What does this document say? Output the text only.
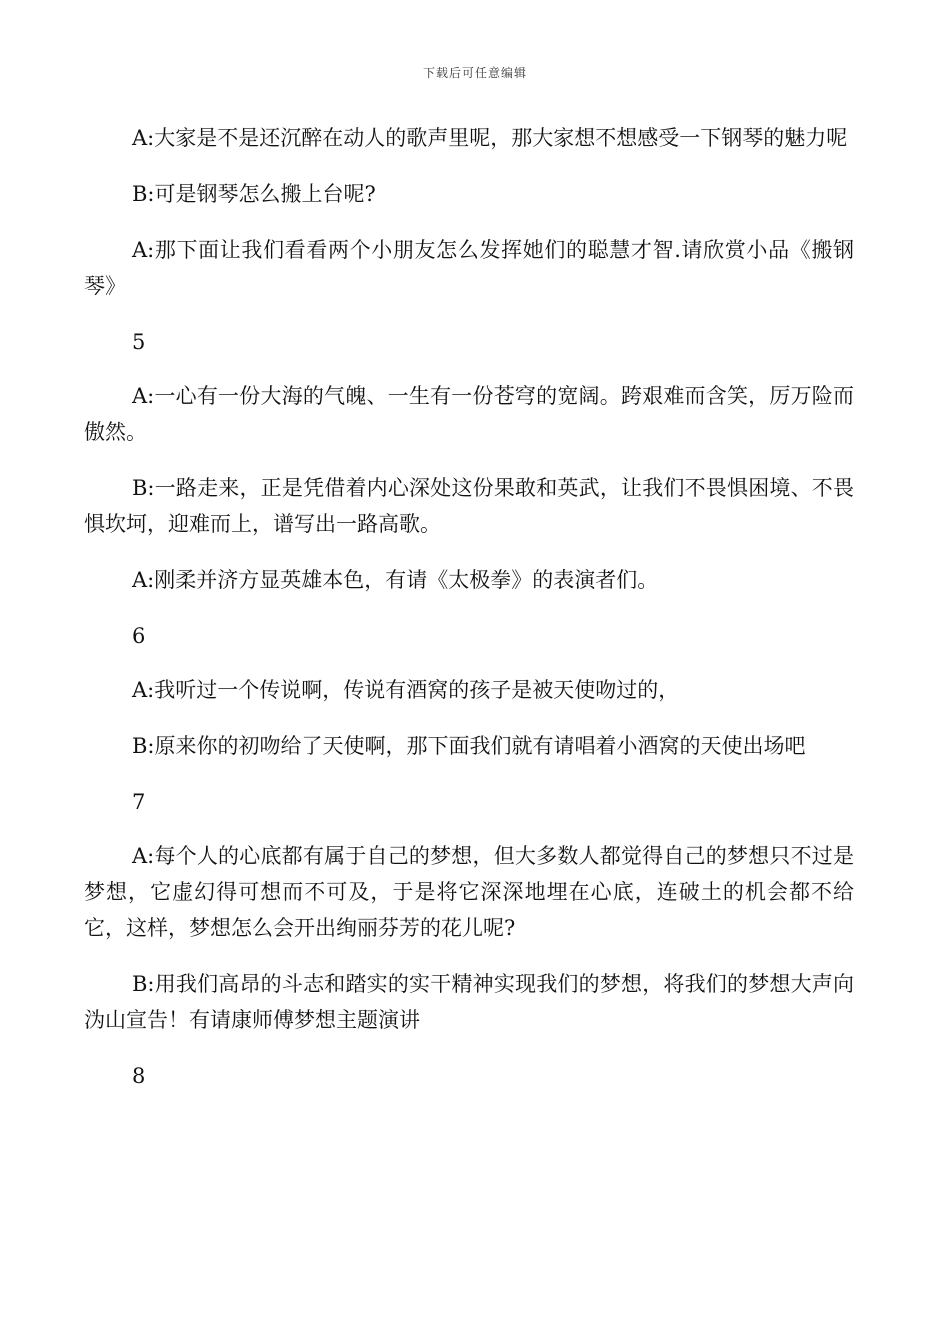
下载后可任意编辑

A:大家是不是还沉醉在动人的歌声里呢，那大家想不想感受一下钢琴的魅力呢

B:可是钢琴怎么搬上台呢?

A:那下面让我们看看两个小朋友怎么发挥她们的聪慧才智.请欣赏小品《搬钢琴》

5

A:一心有一份大海的气魄、一生有一份苍穹的宽阔。跨艰难而含笑，厉万险而傲然。

B:一路走来，正是凭借着内心深处这份果敢和英武，让我们不畏惧困境、不畏惧坎坷，迎难而上，谱写出一路高歌。

A:刚柔并济方显英雄本色，有请《太极拳》的表演者们。

6

A:我听过一个传说啊，传说有酒窝的孩子是被天使吻过的，

B:原来你的初吻给了天使啊，那下面我们就有请唱着小酒窝的天使出场吧

7

A:每个人的心底都有属于自己的梦想，但大多数人都觉得自己的梦想只不过是梦想，它虚幻得可想而不可及，于是将它深深地埋在心底，连破土的机会都不给它，这样，梦想怎么会开出绚丽芬芳的花儿呢?

B:用我们高昂的斗志和踏实的实干精神实现我们的梦想，将我们的梦想大声向沩山宣告！有请康师傅梦想主题演讲

8
